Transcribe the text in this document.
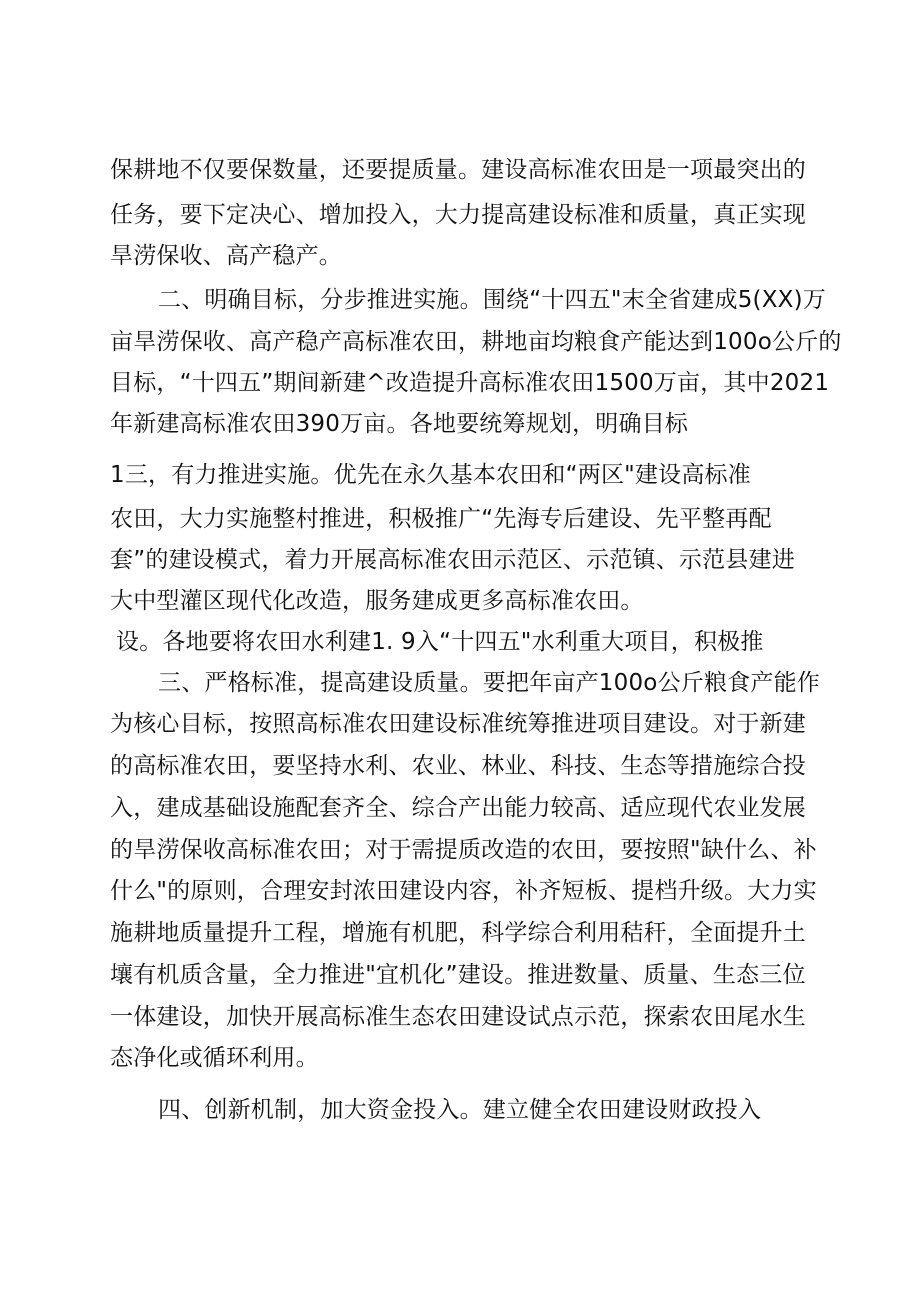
保耕地不仅要保数量，还要提质量。建设高标准农田是一项最突出的
任务，要下定决心、增加投入，大力提高建设标准和质量，真正实现
旱涝保收、高产稳产。
二、明确目标，分步推进实施。围绕“十四五"末全省建成5(XX)万
亩旱涝保收、高产稳产高标准农田，耕地亩均粮食产能达到100o公斤的
目标，“十四五”期间新建^改造提升高标准农田1500万亩，其中2021
年新建高标准农田390万亩。各地要统筹规划，明确目标
1三，有力推进实施。优先在永久基本农田和“两区"建设高标准
农田，大力实施整村推进，积极推广“先海专后建设、先平整再配
套”的建设模式，着力开展高标准农田示范区、示范镇、示范县建进
大中型灌区现代化改造，服务建成更多高标准农田。
设。各地要将农田水利建1. 9入“十四五"水利重大项目，积极推
三、严格标准，提高建设质量。要把年亩产100o公斤粮食产能作
为核心目标，按照高标准农田建设标准统筹推进项目建设。对于新建
的高标准农田，要坚持水利、农业、林业、科技、生态等措施综合投
入，建成基础设施配套齐全、综合产出能力较高、适应现代农业发展
的旱涝保收高标准农田；对于需提质改造的农田，要按照"缺什么、补
什么"的原则，合理安封浓田建设内容，补齐短板、提档升级。大力实
施耕地质量提升工程，增施有机肥，科学综合利用秸秆，全面提升土
壤有机质含量，全力推进"宜机化”建设。推进数量、质量、生态三位
一体建设，加快开展高标准生态农田建设试点示范，探索农田尾水生
态净化或循环利用。
四、创新机制，加大资金投入。建立健全农田建设财政投入
